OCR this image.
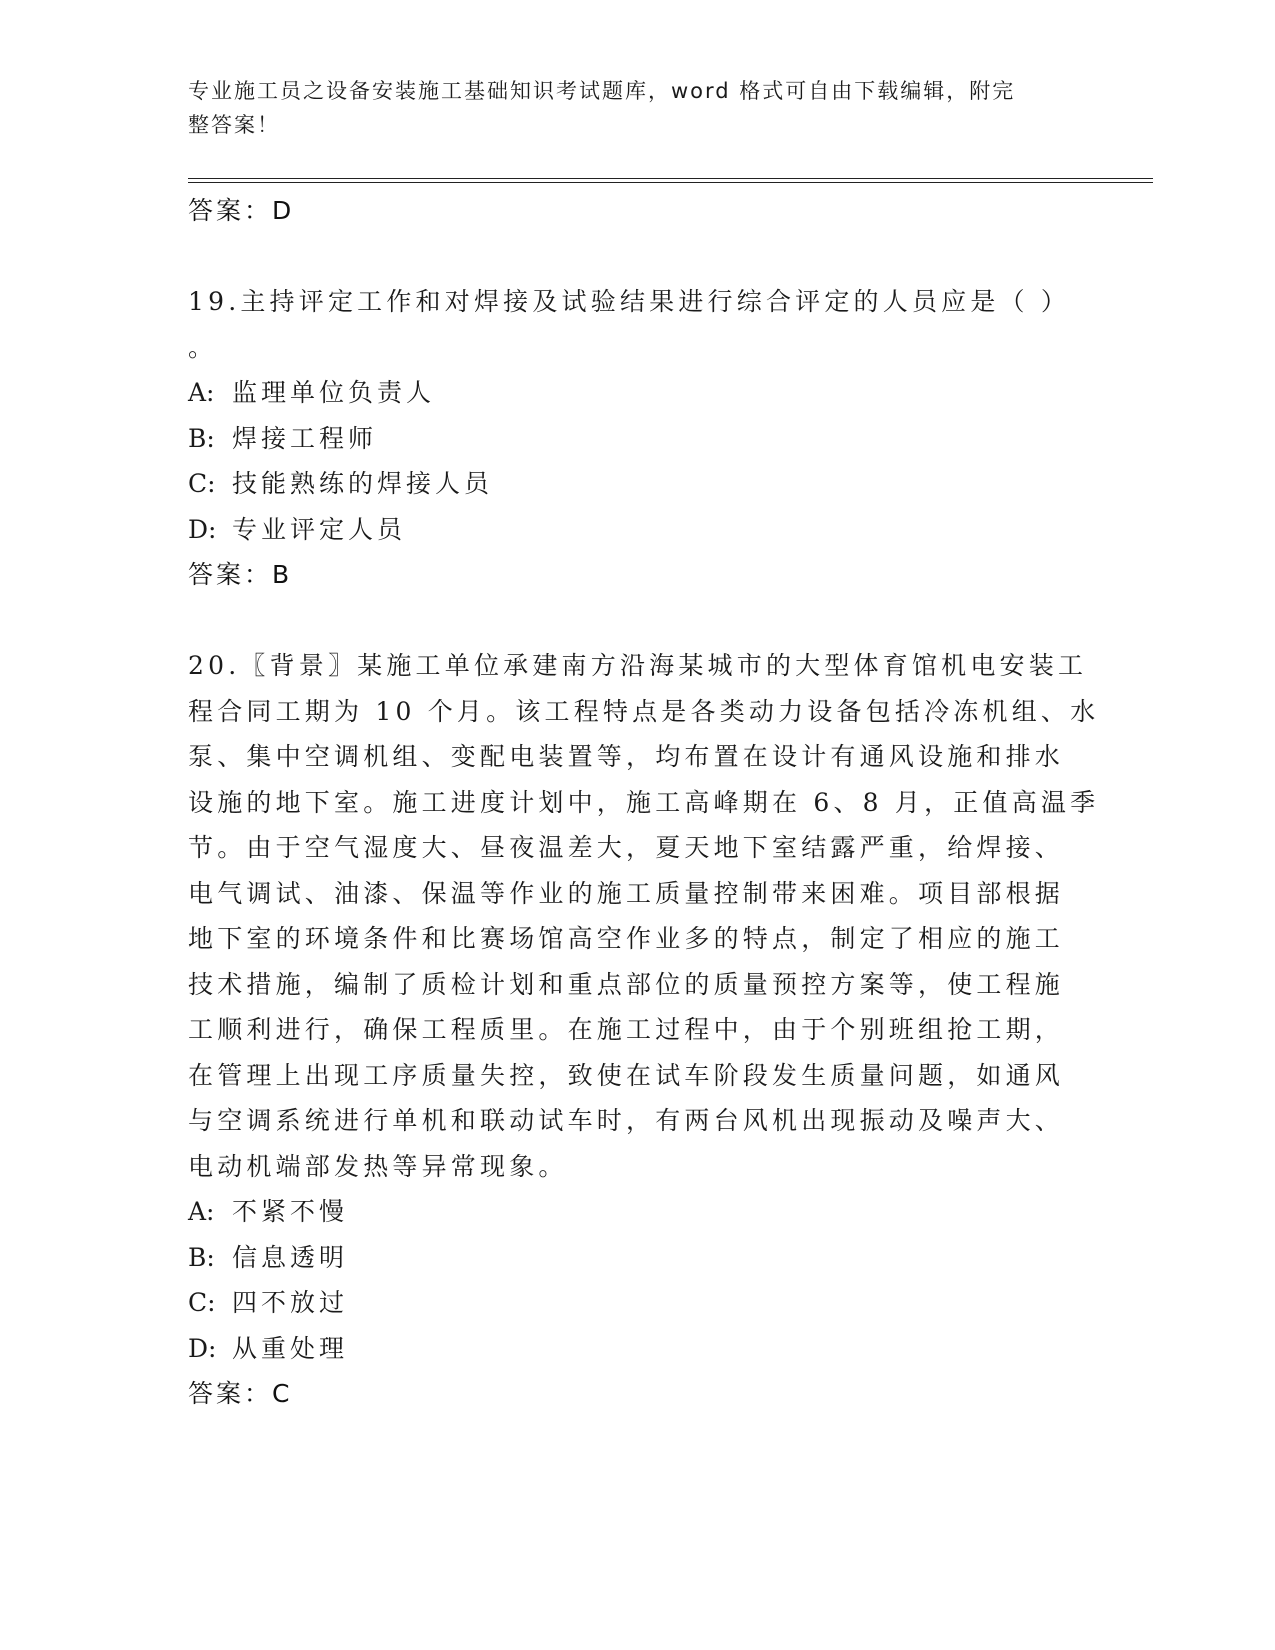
专业施工员之设备安装施工基础知识考试题库，word 格式可自由下载编辑，附完
整答案！
答案：D
19.主持评定工作和对焊接及试验结果进行综合评定的人员应是（ ）
。
A: 监理单位负责人
B: 焊接工程师
C: 技能熟练的焊接人员
D: 专业评定人员
答案：B
20.〖背景〗某施工单位承建南方沿海某城市的大型体育馆机电安装工
程合同工期为 10 个月。该工程特点是各类动力设备包括冷冻机组、水
泵、集中空调机组、变配电装置等，均布置在设计有通风设施和排水
设施的地下室。施工进度计划中，施工高峰期在 6、8 月，正值高温季
节。由于空气湿度大、昼夜温差大，夏天地下室结露严重，给焊接、
电气调试、油漆、保温等作业的施工质量控制带来困难。项目部根据
地下室的环境条件和比赛场馆高空作业多的特点，制定了相应的施工
技术措施，编制了质检计划和重点部位的质量预控方案等，使工程施
工顺利进行，确保工程质里。在施工过程中，由于个别班组抢工期，
在管理上出现工序质量失控，致使在试车阶段发生质量问题，如通风
与空调系统进行单机和联动试车时，有两台风机出现振动及噪声大、
电动机端部发热等异常现象。
A: 不紧不慢
B: 信息透明
C: 四不放过
D: 从重处理
答案：C
